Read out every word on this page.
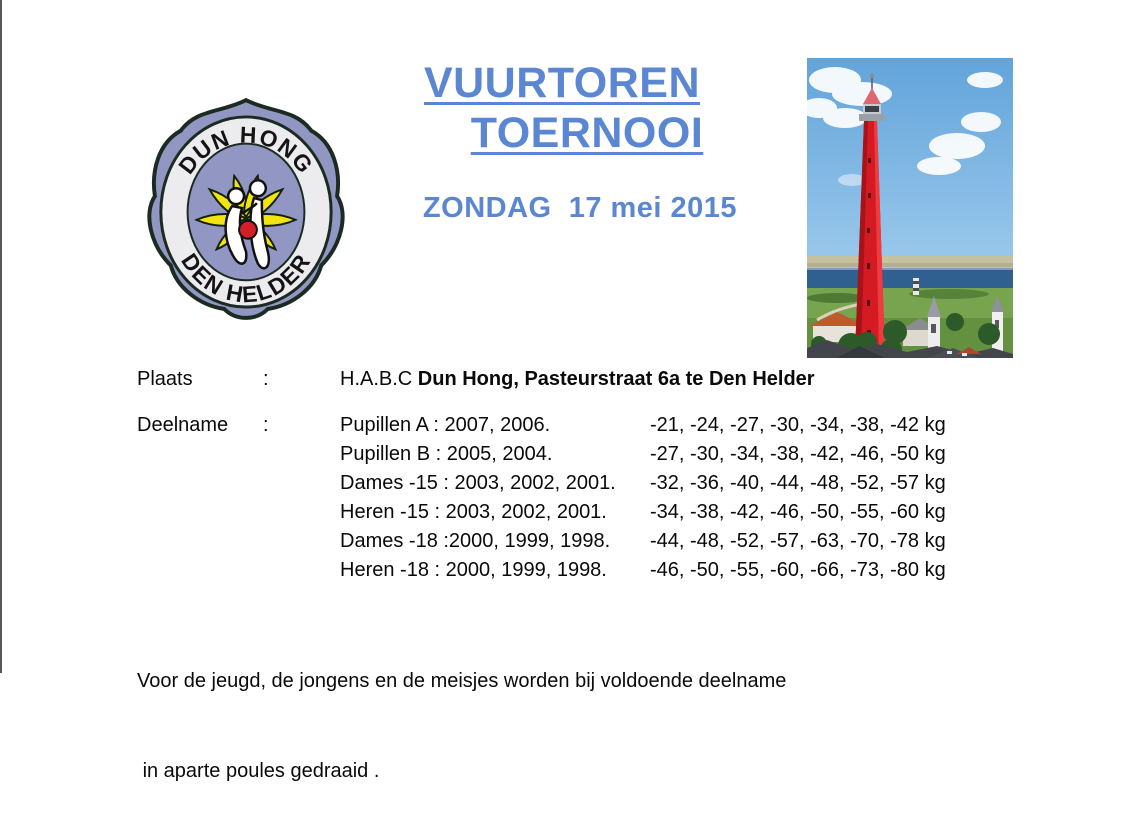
DUN HONG
DEN HELDER
VUURTOREN
TOERNOOI
ZONDAG  17 mei 2015
Plaats	:	H.A.B.C Dun Hong, Pasteurstraat 6a te Den Helder
Deelname	:	Pupillen A : 2007, 2006.	-21, -24, -27, -30, -34, -38, -42 kg
Pupillen B : 2005, 2004.	-27, -30, -34, -38, -42, -46, -50 kg
Dames -15 : 2003, 2002, 2001.	-32, -36, -40, -44, -48, -52, -57 kg
Heren -15 : 2003, 2002, 2001.	-34, -38, -42, -46, -50, -55, -60 kg
Dames -18 :2000, 1999, 1998.	-44, -48, -52, -57, -63, -70, -78 kg
Heren -18 : 2000, 1999, 1998.	-46, -50, -55, -60, -66, -73, -80 kg

Voor de jeugd, de jongens en de meisjes worden bij voldoende deelname

in aparte poules gedraaid .
